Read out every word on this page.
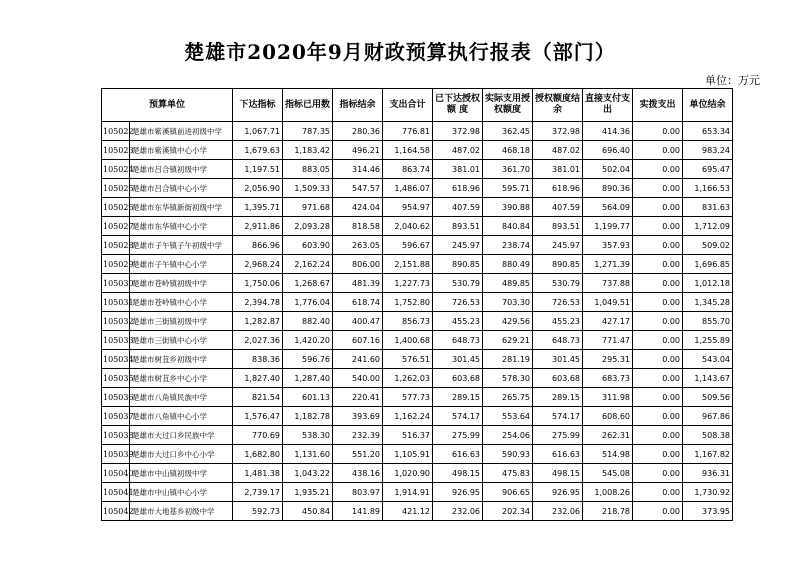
楚雄市2020年9月财政预算执行报表（部门）
单位：万元
预算单位		下达指标	指标已用数	指标结余	支出合计	已下达授权 额 度	实际支用授权额度	授权额度结余	直接支付支出	实拨支出	单位结余
105022	楚雄市紫溪镇前进初级中学	1,067.71	787.35	280.36	776.81	372.98	362.45	372.98	414.36	0.00	653.34
105023	楚雄市紫溪镇中心小学	1,679.63	1,183.42	496.21	1,164.58	487.02	468.18	487.02	696.40	0.00	983.24
105024	楚雄市吕合镇初级中学	1,197.51	883.05	314.46	863.74	381.01	361.70	381.01	502.04	0.00	695.47
105025	楚雄市吕合镇中心小学	2,056.90	1,509.33	547.57	1,486.07	618.96	595.71	618.96	890.36	0.00	1,166.53
105026	楚雄市东华镇新街初级中学	1,395.71	971.68	424.04	954.97	407.59	390.88	407.59	564.09	0.00	831.63
105027	楚雄市东华镇中心小学	2,911.86	2,093.28	818.58	2,040.62	893.51	840.84	893.51	1,199.77	0.00	1,712.09
105028	楚雄市子午镇子午初级中学	866.96	603.90	263.05	596.67	245.97	238.74	245.97	357.93	0.00	509.02
105029	楚雄市子午镇中心小学	2,968.24	2,162.24	806.00	2,151.88	890.85	880.49	890.85	1,271.39	0.00	1,696.85
105030	楚雄市苍岭镇初级中学	1,750.06	1,268.67	481.39	1,227.73	530.79	489.85	530.79	737.88	0.00	1,012.18
105031	楚雄市苍岭镇中心小学	2,394.78	1,776.04	618.74	1,752.80	726.53	703.30	726.53	1,049.51	0.00	1,345.28
105032	楚雄市三街镇初级中学	1,282.87	882.40	400.47	856.73	455.23	429.56	455.23	427.17	0.00	855.70
105033	楚雄市三街镇中心小学	2,027.36	1,420.20	607.16	1,400.68	648.73	629.21	648.73	771.47	0.00	1,255.89
105034	楚雄市树苴乡初级中学	838.36	596.76	241.60	576.51	301.45	281.19	301.45	295.31	0.00	543.04
105035	楚雄市树苴乡中心小学	1,827.40	1,287.40	540.00	1,262.03	603.68	578.30	603.68	683.73	0.00	1,143.67
105036	楚雄市八角镇民族中学	821.54	601.13	220.41	577.73	289.15	265.75	289.15	311.98	0.00	509.56
105037	楚雄市八角镇中心小学	1,576.47	1,182.78	393.69	1,162.24	574.17	553.64	574.17	608.60	0.00	967.86
105038	楚雄市大过口乡民族中学	770.69	538.30	232.39	516.37	275.99	254.06	275.99	262.31	0.00	508.38
105039	楚雄市大过口乡中心小学	1,682.80	1,131.60	551.20	1,105.91	616.63	590.93	616.63	514.98	0.00	1,167.82
105040	楚雄市中山镇初级中学	1,481.38	1,043.22	438.16	1,020.90	498.15	475.83	498.15	545.08	0.00	936.31
105041	楚雄市中山镇中心小学	2,739.17	1,935.21	803.97	1,914.91	926.95	906.65	926.95	1,008.26	0.00	1,730.92
105042	楚雄市大地基乡初级中学	592.73	450.84	141.89	421.12	232.06	202.34	232.06	218.78	0.00	373.95
